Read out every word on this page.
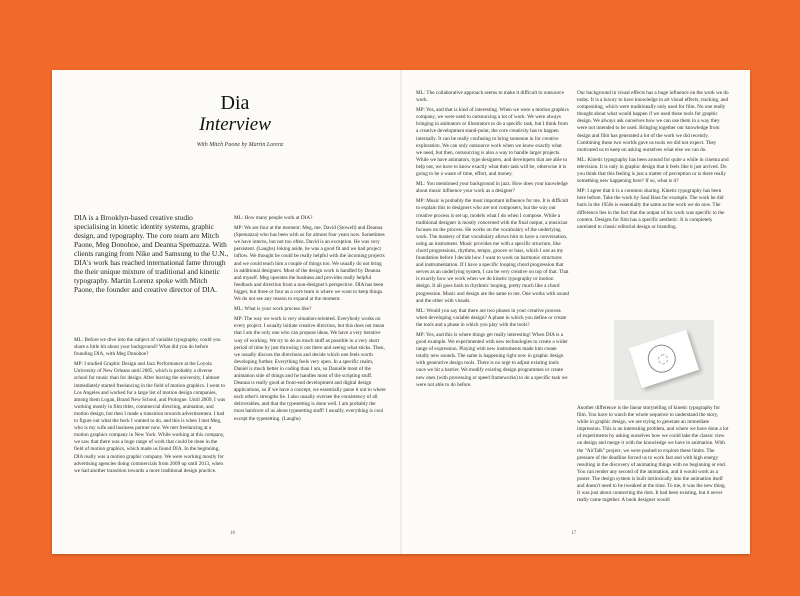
Dia
Interview
With Mitch Paone by Martin Lorenz
DIA is a Brooklyn-based creative studio specialising in kinetic identity systems, graphic design, and typography. The core team are Mitch Paone, Meg Donohoe, and Deanna Spemazza. With clients ranging from Nike and Samsung to the U.N., DIA's work has reached international fame through the their unique mixture of traditional and kinetic typography. Martin Lorenz spoke with Mitch Paone, the founder and creative director of DIA.

ML: Before we dive into the subject of variable typography, could you share a little bit about your background? What did you do before founding DIA, with Meg Donohoe?

MP: I studied Graphic Design and Jazz Performance at the Loyola University of New Orleans until 2005, which is probably a diverse school for music than for design. After leaving the university, I almost immediately started freelancing in the field of motion graphics. I went to Los Angeles and worked for a large list of motion design companies, among them Logan, Brand New School, and Prologue. Until 2009, I was working mostly in film titles, commercial directing, animation, and motion design, but then I made a transition towards advertisement. I had to figure out what the heck I wanted to do, and this is when I met Meg, who is my wife and business partner now. We met freelancing at a motion graphics company in New York. While working at this company, we saw that there was a huge range of work that could be done in the field of motion graphics, which made us found DIA. In the beginning, DIA really was a motion graphic company. We were working mostly for advertising agencies doing commercials from 2009 up until 2013, when we had another transition towards a more traditional design practice.

ML: How many people work at DIA?

MP: We are four at the moment: Meg, me, David (Stowell) and Deanna (Spemazza) who has been with us for almost four years now. Sometimes we have interns, but not too often. David is an exception. He was very persistent. (Laughs) Joking aside, he was a good fit and we had project inflow. We thought he could be really helpful with the incoming projects and we could teach him a couple of things too. We usually do not bring in additional designers. Most of the design work is handled by Deanna and myself. Meg operates the business and provides really helpful feedback and direction from a non-designer's perspective. DIA has been bigger, but three or four as a core team is where we want to keep things. We do not see any reason to expand at the moment.

ML: What is your work process like?

MP: The way we work is very situation-oriented. Everybody works on every project. I usually initiate creative direction, but this does not mean that I am the only one who can propose ideas. We have a very iterative way of working. We try to do as much stuff as possible in a very short period of time by just throwing it out there and seeing what sticks. Then, we usually discuss the directions and decide which one feels worth developing further. Everything feels very open. In a specific realm, Daniel is much better in coding than I am, so Danielle most of the animation side of things and he handles most of the scripting stuff. Deanna is really good at front-end development and digital design applications, so if we have a concept, we essentially parse it out to where each other's strengths lie. I also usually oversee the consistency of all deliverables, and that the typesetting is done well. I am probably the most hardcore of us about typesetting stuff! I usually, everything is cool except the typesetting. (Laughs)

16

ML: The collaborative approach seems to make it difficult to outsource work.

MP: Yes, and that is kind of interesting. When we were a motion graphics company, we were used to outsourcing a lot of work. We were always bringing in animators or illustrators to do a specific task, but I think from a creative development stand-point, the core creativity has to happen internally. It can be really confusing to bring someone in for creative exploration. We can only outsource work when we know exactly what we need, but then, outsourcing is also a way to handle larger projects. While we have animators, type designers, and developers that are able to help out, we have to know exactly what their task will be, otherwise it is going to be a waste of time, effort, and money.

ML: You mentioned your background in jazz. How does your knowledge about music influence your work as a designer?

MP: Music is probably the most important influence for me. It is difficult to explain this to designers who are not composers, but the way our creative process is set up, models what I do when I compose. While a traditional designer is mostly concerned with the final output, a musician focuses on the process. He works on the vocabulary of the underlying work. The mastery of that vocabulary allows him to have a conversation, using an instrument. Music provides me with a specific structure, like chord progressions, rhythms, tempo, groove or bass, which I use as my foundation before I decide how I want to work on harmonic structures and instrumentation. If I have a specific looping chord progression that serves as an underlying system, I can be very creative on top of that. That is exactly how we work when we do kinetic typography or motion design. It all goes back to rhythmic looping, pretty much like a chord progression. Music and design are the same to me. One works with sound and the other with visuals.

ML: Would you say that there are two phases in your creative process when developing variable design? A phase in which you define or create the tools and a phase in which you play with the tools?

MP: Yes, and this is where things get really interesting! When DIA is a good example. We experimented with new technologies to create a wider range of expression. Playing with new instruments made him create totally new sounds. The same is happening right now in graphic design with generative design tools. There is no urge to adjust existing tools once we hit a barrier. We modify existing design programmes or create new ones (with processing or speed frameworks) to do a specific task we were not able to do before.

Our background in visual effects has a huge influence on the work we do today. It is a luxury to have knowledge in art visual effects, tracking, and compositing, which were traditionally only used for film. No one really thought about what would happen if we used these tools for graphic design. We always ask ourselves how we can use them in a way they were not intended to be used. Bringing together our knowledge from design and film has generated a lot of the work we did recently. Combining these two worlds gave us tools we did not expect. They motivated us to keep on asking ourselves what else we can do.

ML: Kinetic typography has been around for quite a while in cinema and television. It is only in graphic design that it feels like it just arrived. Do you think that this feeling is just a matter of perception or is there really something new happening here? If so, what is it?

MP: I agree that it is a common sharing. Kinetic typography has been here before. Take the work by Saul Bass for example. The work he did back in the 1950s is essentially the same as the work we do now. The difference lies in the fact that the output of his work was specific to the content. Designs for film has a specific aesthetic. It is completely unrelated to classic editorial design or branding.

Another difference is the linear storytelling of kinetic typography for film. You have to watch the whole sequence to understand the story, while in graphic design, we are trying to generate an immediate impression. This is an interesting problem, and where we have done a lot of experiments by asking ourselves how we could take the classic view on design and merge it with the knowledge we have in animation. With the "AirTalk" project, we were pushed to explore these limits. The pressure of the deadline forced us to work fast and with high energy resulting in the discovery of animating things with no beginning or end. You can render any second of the animation, and it would work as a poster. The design system is built intrinsically into the animation itself and doesn't need to be tweaked at the time. To me, it was the new thing. It was just about connecting the dots. It had been existing, but it never really came together. A book designer would

17
